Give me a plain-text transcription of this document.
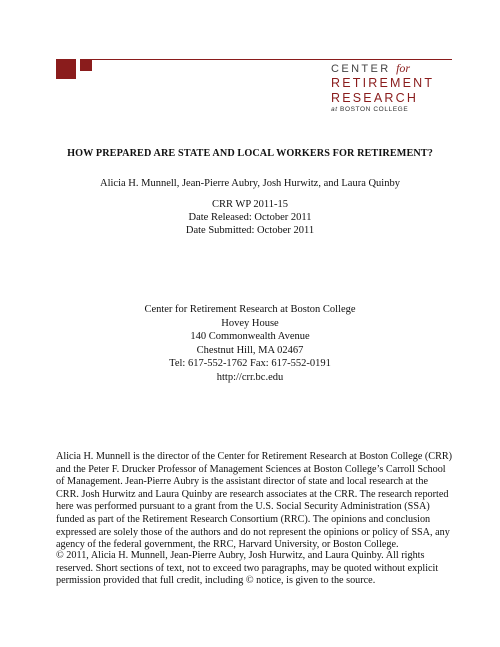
CENTER for
RETIREMENT
RESEARCH
at BOSTON COLLEGE
HOW PREPARED ARE STATE AND LOCAL WORKERS FOR RETIREMENT?
Alicia H. Munnell, Jean-Pierre Aubry, Josh Hurwitz, and Laura Quinby
CRR WP 2011-15
Date Released: October 2011
Date Submitted: October 2011
Center for Retirement Research at Boston College
Hovey House
140 Commonwealth Avenue
Chestnut Hill, MA 02467
Tel: 617-552-1762 Fax: 617-552-0191
http://crr.bc.edu
Alicia H. Munnell is the director of the Center for Retirement Research at Boston College (CRR)
and the Peter F. Drucker Professor of Management Sciences at Boston College’s Carroll School
of Management. Jean-Pierre Aubry is the assistant director of state and local research at the
CRR. Josh Hurwitz and Laura Quinby are research associates at the CRR. The research reported
here was performed pursuant to a grant from the U.S. Social Security Administration (SSA)
funded as part of the Retirement Research Consortium (RRC). The opinions and conclusion
expressed are solely those of the authors and do not represent the opinions or policy of SSA, any
agency of the federal government, the RRC, Harvard University, or Boston College.
© 2011, Alicia H. Munnell, Jean-Pierre Aubry, Josh Hurwitz, and Laura Quinby. All rights
reserved. Short sections of text, not to exceed two paragraphs, may be quoted without explicit
permission provided that full credit, including © notice, is given to the source.
